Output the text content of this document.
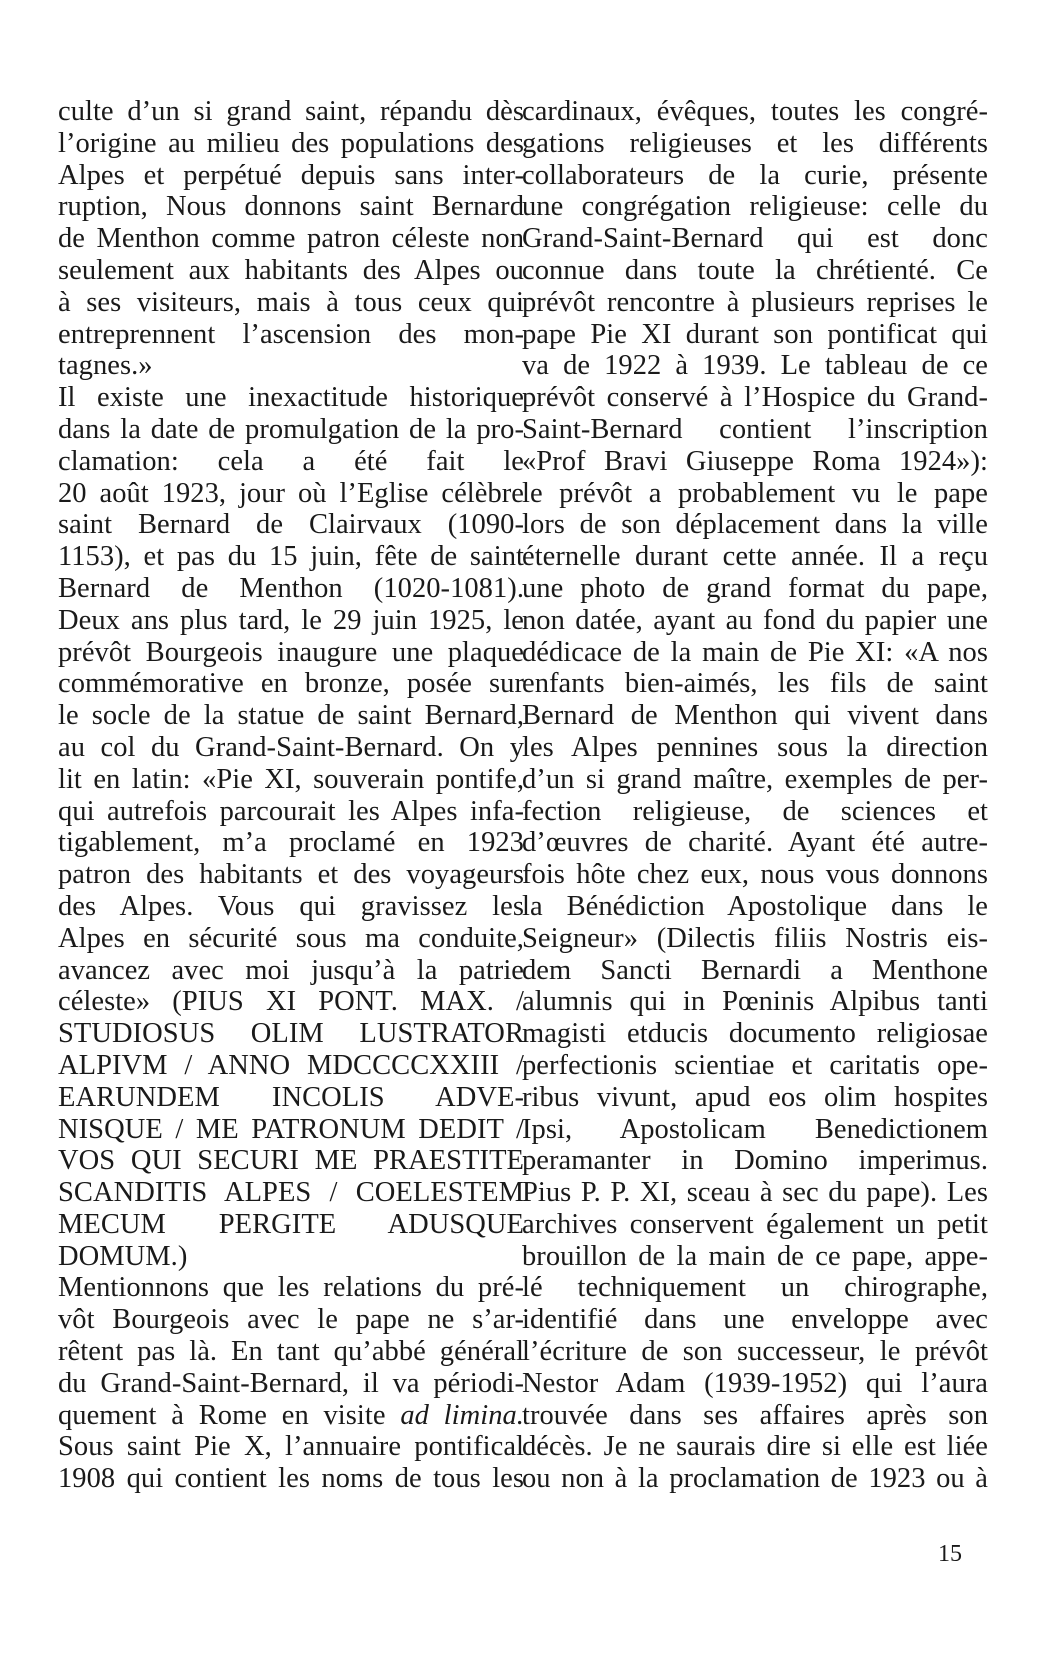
culte d’un si grand saint, répandu dès
l’origine au milieu des populations des
Alpes et perpétué depuis sans inter-
ruption, Nous donnons saint Bernard
de Menthon comme patron céleste non
seulement aux habitants des Alpes ou
à ses visiteurs, mais à tous ceux qui
entreprennent l’ascension des mon-
tagnes.»
Il existe une inexactitude historique
dans la date de promulgation de la pro-
clamation: cela a été fait le
20 août 1923, jour où l’Eglise célèbre
saint Bernard de Clairvaux (1090-
1153), et pas du 15 juin, fête de saint
Bernard de Menthon (1020-1081).
Deux ans plus tard, le 29 juin 1925, le
prévôt Bourgeois inaugure une plaque
commémorative en bronze, posée sur
le socle de la statue de saint Bernard,
au col du Grand-Saint-Bernard. On y
lit en latin: «Pie XI, souverain pontife,
qui autrefois parcourait les Alpes infa-
tigablement, m’a proclamé en 1923
patron des habitants et des voyageurs
des Alpes. Vous qui gravissez les
Alpes en sécurité sous ma conduite,
avancez avec moi jusqu’à la patrie
céleste» (PIUS XI PONT. MAX. /
STUDIOSUS OLIM LUSTRATOR
ALPIVM / ANNO MDCCCCXXIII /
EARUNDEM INCOLIS ADVE-
NISQUE / ME PATRONUM DEDIT /
VOS QUI SECURI ME PRAESTITE
SCANDITIS ALPES / COELESTEM
MECUM PERGITE ADUSQUE
DOMUM.)
Mentionnons que les relations du pré-
vôt Bourgeois avec le pape ne s’ar-
rêtent pas là. En tant qu’abbé général
du Grand-Saint-Bernard, il va périodi-
quement à Rome en visite ad limina.
Sous saint Pie X, l’annuaire pontifical
1908 qui contient les noms de tous les
cardinaux, évêques, toutes les congré-
gations religieuses et les différents
collaborateurs de la curie, présente
une congrégation religieuse: celle du
Grand-Saint-Bernard qui est donc
connue dans toute la chrétienté. Ce
prévôt rencontre à plusieurs reprises le
pape Pie XI durant son pontificat qui
va de 1922 à 1939. Le tableau de ce
prévôt conservé à l’Hospice du Grand-
Saint-Bernard contient l’inscription
«Prof Bravi Giuseppe Roma 1924»):
le prévôt a probablement vu le pape
lors de son déplacement dans la ville
éternelle durant cette année. Il a reçu
une photo de grand format du pape,
non datée, ayant au fond du papier une
dédicace de la main de Pie XI: «A nos
enfants bien-aimés, les fils de saint
Bernard de Menthon qui vivent dans
les Alpes pennines sous la direction
d’un si grand maître, exemples de per-
fection religieuse, de sciences et
d’œuvres de charité. Ayant été autre-
fois hôte chez eux, nous vous donnons
la Bénédiction Apostolique dans le
Seigneur» (Dilectis filiis Nostris eis-
dem Sancti Bernardi a Menthone
alumnis qui in Pœninis Alpibus tanti
magisti etducis documento religiosae
perfectionis scientiae et caritatis ope-
ribus vivunt, apud eos olim hospites
Ipsi, Apostolicam Benedictionem
peramanter in Domino imperimus.
Pius P. P. XI, sceau à sec du pape). Les
archives conservent également un petit
brouillon de la main de ce pape, appe-
lé techniquement un chirographe,
identifié dans une enveloppe avec
l’écriture de son successeur, le prévôt
Nestor Adam (1939-1952) qui l’aura
trouvée dans ses affaires après son
décès. Je ne saurais dire si elle est liée
ou non à la proclamation de 1923 ou à
15
